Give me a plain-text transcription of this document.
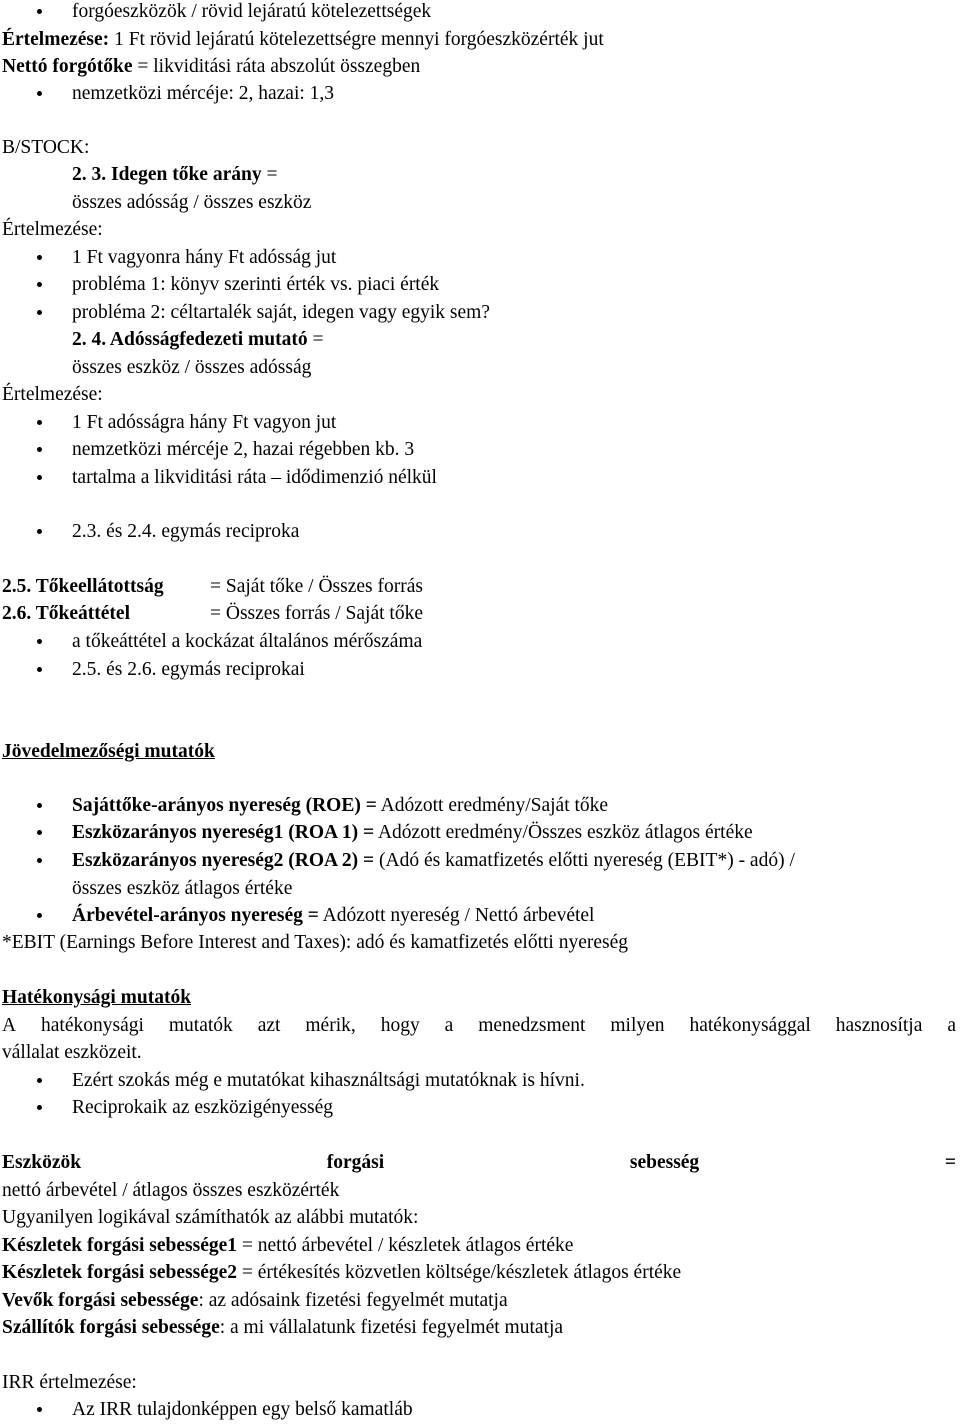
forgóeszközök / rövid lejáratú kötelezettségek
Értelmezése: 1 Ft rövid lejáratú kötelezettségre mennyi forgóeszközérték jut
Nettó forgótőke = likviditási ráta abszolút összegben
nemzetközi mércéje: 2, hazai: 1,3
B/STOCK:
2. 3. Idegen tőke arány =
összes adósság / összes eszköz
Értelmezése:
1 Ft vagyonra hány Ft adósság jut
probléma 1: könyv szerinti érték vs. piaci érték
probléma 2: céltartalék saját, idegen vagy egyik sem?
2. 4. Adósságfedezeti mutató =
összes eszköz / összes adósság
Értelmezése:
1 Ft adósságra hány Ft vagyon jut
nemzetközi mércéje 2, hazai régebben kb. 3
tartalma a likviditási ráta – idődimenzió nélkül
2.3. és 2.4. egymás reciproka
2.5. Tőkeellátottság = Saját tőke / Összes forrás
2.6. Tőkeáttétel	= Összes forrás / Saját tőke
a tőkeáttétel a kockázat általános mérőszáma
2.5. és 2.6. egymás reciprokai
Jövedelmezőségi mutatók
Sajáttőke-arányos nyereség (ROE) = Adózott eredmény/Saját tőke
Eszközarányos nyereség1 (ROA 1) = Adózott eredmény/Összes eszköz átlagos értéke
Eszközarányos nyereség2 (ROA 2) = (Adó és kamatfizetés előtti nyereség (EBIT*) - adó) /
összes eszköz átlagos értéke
Árbevétel-arányos nyereség = Adózott nyereség / Nettó árbevétel
*EBIT (Earnings Before Interest and Taxes): adó és kamatfizetés előtti nyereség
Hatékonysági mutatók
A hatékonysági mutatók azt mérik, hogy a menedzsment milyen hatékonysággal hasznosítja a
vállalat eszközeit.
Ezért szokás még e mutatókat kihasználtsági mutatóknak is hívni.
Reciprokaik az eszközigényesség
Eszközök	forgási	sebesség	=
nettó árbevétel / átlagos összes eszközérték
Ugyanilyen logikával számíthatók az alábbi mutatók:
Készletek forgási sebessége1 = nettó árbevétel / készletek átlagos értéke
Készletek forgási sebessége2 = értékesítés közvetlen költsége/készletek átlagos értéke
Vevők forgási sebessége: az adósaink fizetési fegyelmét mutatja
Szállítók forgási sebessége: a mi vállalatunk fizetési fegyelmét mutatja
IRR értelmezése:
Az IRR tulajdonképpen egy belső kamatláb
